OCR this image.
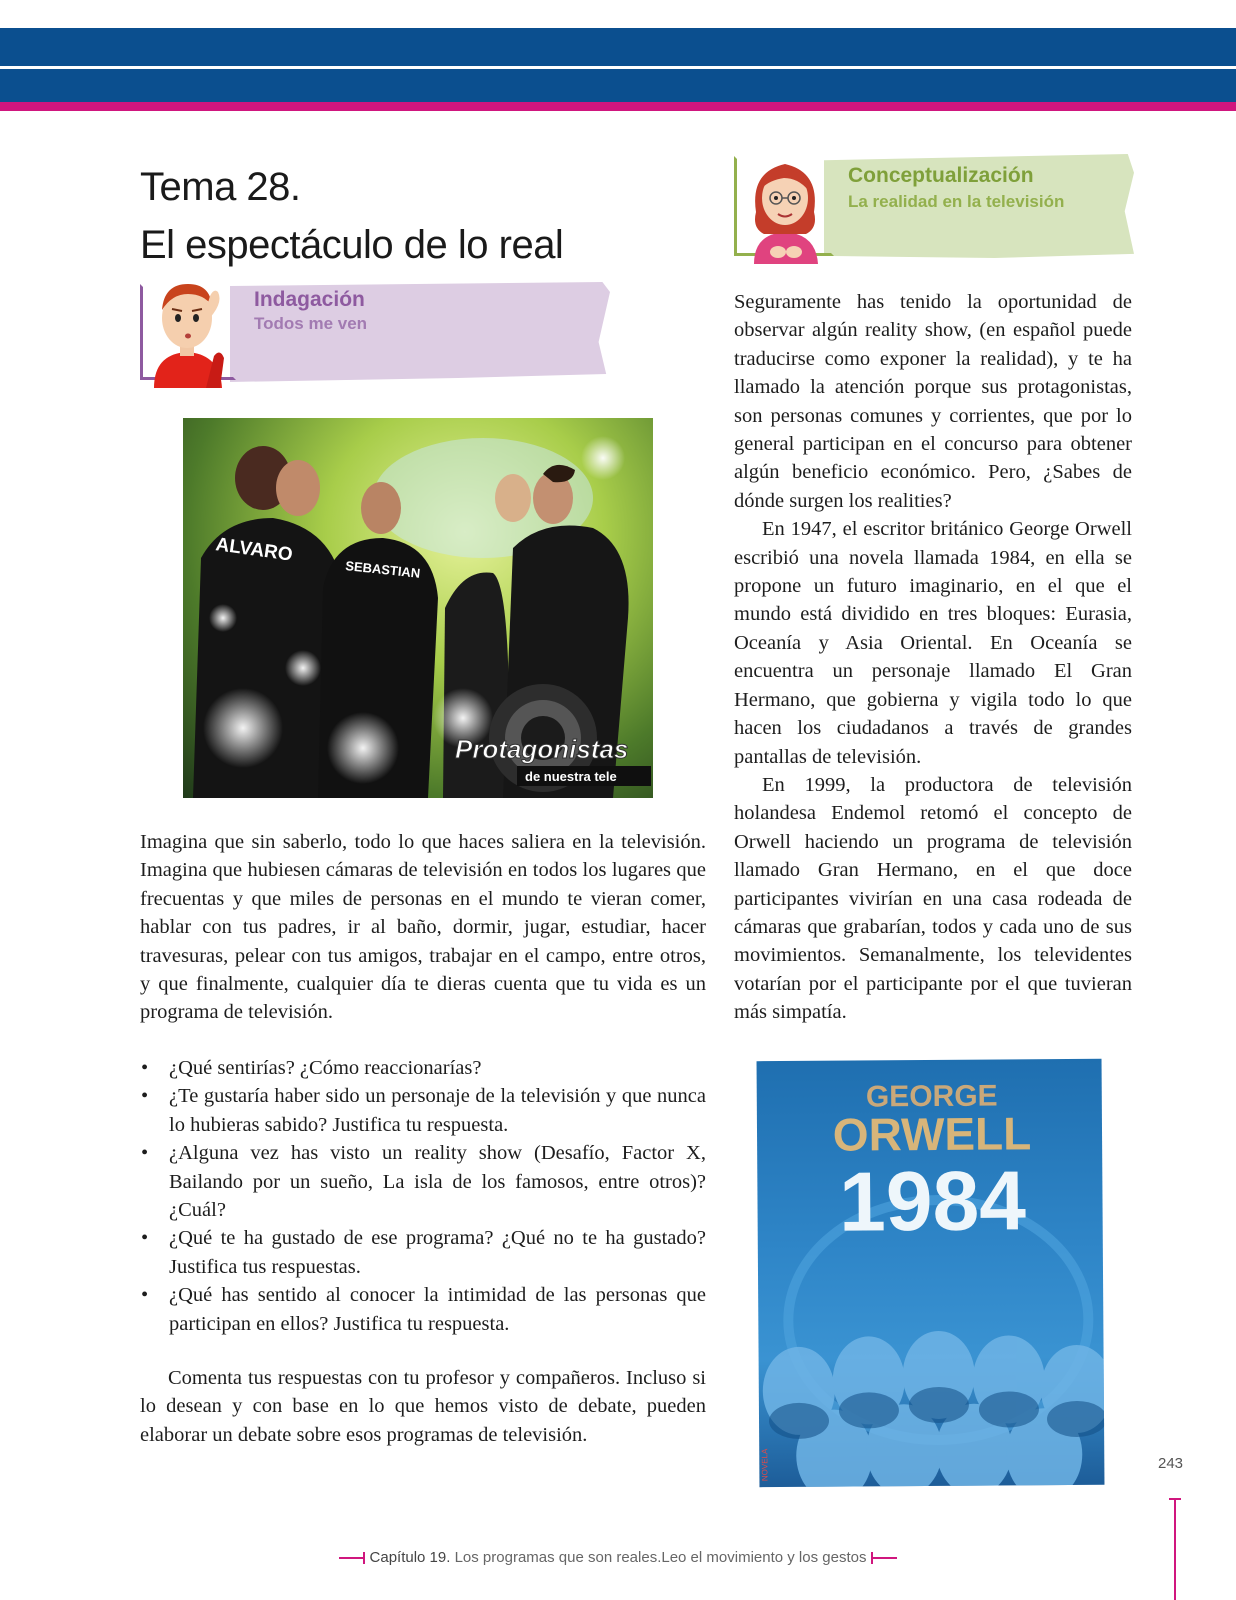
Tema 28.
El espectáculo de lo real
Indagación
Todos me ven
Conceptualización
La realidad en la televisión
ALVARO
SEBASTIAN
Protagonistas
de nuestra tele
GEORGE
ORWELL
1984
NOVELA

Imagina que sin saberlo, todo lo que haces saliera en la televisión. Imagina que hubiesen cámaras de televisión en todos los lugares que frecuentas y que miles de personas en el mundo te vieran comer, hablar con tus padres, ir al baño, dormir, jugar, estudiar, hacer travesuras, pelear con tus amigos, trabajar en el campo, entre otros, y que finalmente, cualquier día te dieras cuenta que tu vida es un programa de televisión.

• ¿Qué sentirías? ¿Cómo reaccionarías?
• ¿Te gustaría haber sido un personaje de la televisión y que nunca lo hubieras sabido? Justifica tu respuesta.
• ¿Alguna vez has visto un reality show (Desafío, Factor X, Bailando por un sueño, La isla de los famosos, entre otros)? ¿Cuál?
• ¿Qué te ha gustado de ese programa? ¿Qué no te ha gustado? Justifica tus respuestas.
• ¿Qué has sentido al conocer la intimidad de las personas que participan en ellos? Justifica tu respuesta.

Comenta tus respuestas con tu profesor y compañeros. Incluso si lo desean y con base en lo que hemos visto de debate, pueden elaborar un debate sobre esos programas de televisión.

Seguramente has tenido la oportunidad de observar algún reality show, (en español puede traducirse como exponer la realidad), y te ha llamado la atención porque sus protagonistas, son personas comunes y corrientes, que por lo general participan en el concurso para obtener algún beneficio económico. Pero, ¿Sabes de dónde surgen los realities?

En 1947, el escritor británico George Orwell escribió una novela llamada 1984, en ella se propone un futuro imaginario, en el que el mundo está dividido en tres bloques: Eurasia, Oceanía y Asia Oriental. En Oceanía se encuentra un personaje llamado El Gran Hermano, que gobierna y vigila todo lo que hacen los ciudadanos a través de grandes pantallas de televisión.

En 1999, la productora de televisión holandesa Endemol retomó el concepto de Orwell haciendo un programa de televisión llamado Gran Hermano, en el que doce participantes vivirían en una casa rodeada de cámaras que grabarían, todos y cada uno de sus movimientos. Semanalmente, los televidentes votarían por el participante por el que tuvieran más simpatía.

243
Capítulo 19. Los programas que son reales.Leo el movimiento y los gestos
